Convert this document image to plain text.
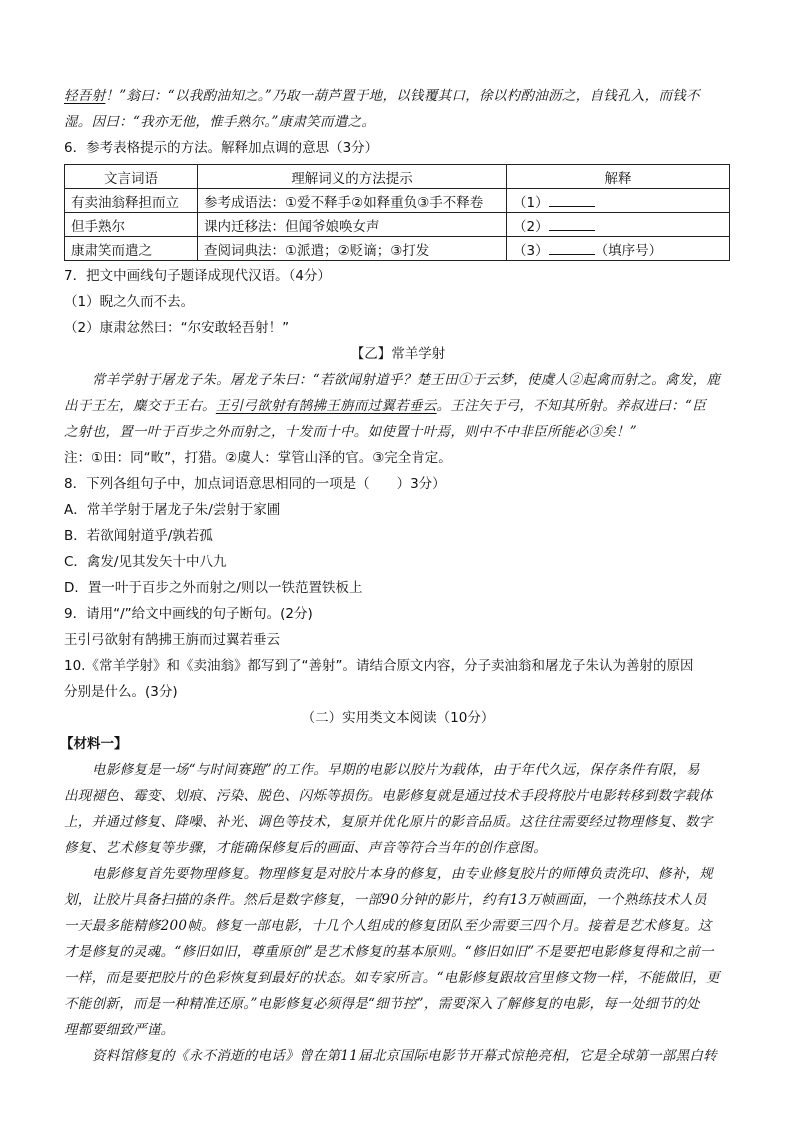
轻吾射！”翁曰：“以我酌油知之。”乃取一葫芦置于地，以钱覆其口，徐以杓酌油沥之，自钱孔入，而钱不
湿。因曰：“我亦无他，惟手熟尔。”康肃笑而遣之。
6．参考表格提示的方法。解释加点调的意思（3分）
文言词语	理解词义的方法提示	解释
有卖油翁释担而立	参考成语法：①爱不释手②如释重负③手不释卷	（1）
但手熟尔	课内迁移法：但闻爷娘唤女声	（2）
康肃笑而遣之	查阅词典法：①派遣；②贬谪；③打发	（3） （填序号）
7．把文中画线句子题译成现代汉语。（4分）
（1）睨之久而不去。
（2）康肃忿然曰：“尔安敢轻吾射！”
【乙】常羊学射
常羊学射于屠龙子朱。屠龙子朱曰：“若欲闻射道乎？楚王田①于云梦，使虞人②起禽而射之。禽发，鹿
出于王左，麋交于王右。王引弓欲射有鹄拂王旃而过翼若垂云。王注矢于弓，不知其所射。养叔进曰：“臣
之射也，置一叶于百步之外而射之，十发而十中。如使置十叶焉，则中不中非臣所能必③矣！”
注：①田：同“畋”，打猎。②虞人：掌管山泽的官。③完全肯定。
8．下列各组句子中，加点词语意思相同的一项是（　　）3分）
A．常羊学射于屠龙子朱/尝射于家圃
B．若欲闻射道乎/孰若孤
C．禽发/见其发矢十中八九
D．置一叶于百步之外而射之/则以一铁范置铁板上
9．请用“/”给文中画线的句子断句。(2分)
王引弓欲射有鹄拂王旃而过翼若垂云
10.《常羊学射》和《卖油翁》都写到了“善射”。请结合原文内容，分子卖油翁和屠龙子朱认为善射的原因
分别是什么。(3分)
（二）实用类文本阅读（10分）
【材料一】
电影修复是一场“与时间赛跑”的工作。早期的电影以胶片为载体，由于年代久远，保存条件有限，易
出现褪色、霉变、划痕、污染、脱色、闪烁等损伤。电影修复就是通过技术手段将胶片电影转移到数字载体
上，并通过修复、降噪、补光、调色等技术，复原并优化原片的影音品质。这往往需要经过物理修复、数字
修复、艺术修复等步骤，才能确保修复后的画面、声音等符合当年的创作意图。
电影修复首先要物理修复。物理修复是对胶片本身的修复，由专业修复胶片的师傅负责洗印、修补，规
划，让胶片具备扫描的条件。然后是数字修复，一部90分钟的影片，约有13万帧画面，一个熟练技术人员
一天最多能精修200帧。修复一部电影，十几个人组成的修复团队至少需要三四个月。接着是艺术修复。这
才是修复的灵魂。“修旧如旧，尊重原创”是艺术修复的基本原则。“修旧如旧”不是要把电影修复得和之前一
一样，而是要把胶片的色彩恢复到最好的状态。如专家所言。“电影修复跟故宫里修文物一样，不能做旧，更
不能创新，而是一种精准还原。”电影修复必须得是“细节控”，需要深入了解修复的电影，每一处细节的处
理都要细致严谨。
资料馆修复的《永不消逝的电话》曾在第11届北京国际电影节开幕式惊艳亮相，它是全球第一部黑白转
